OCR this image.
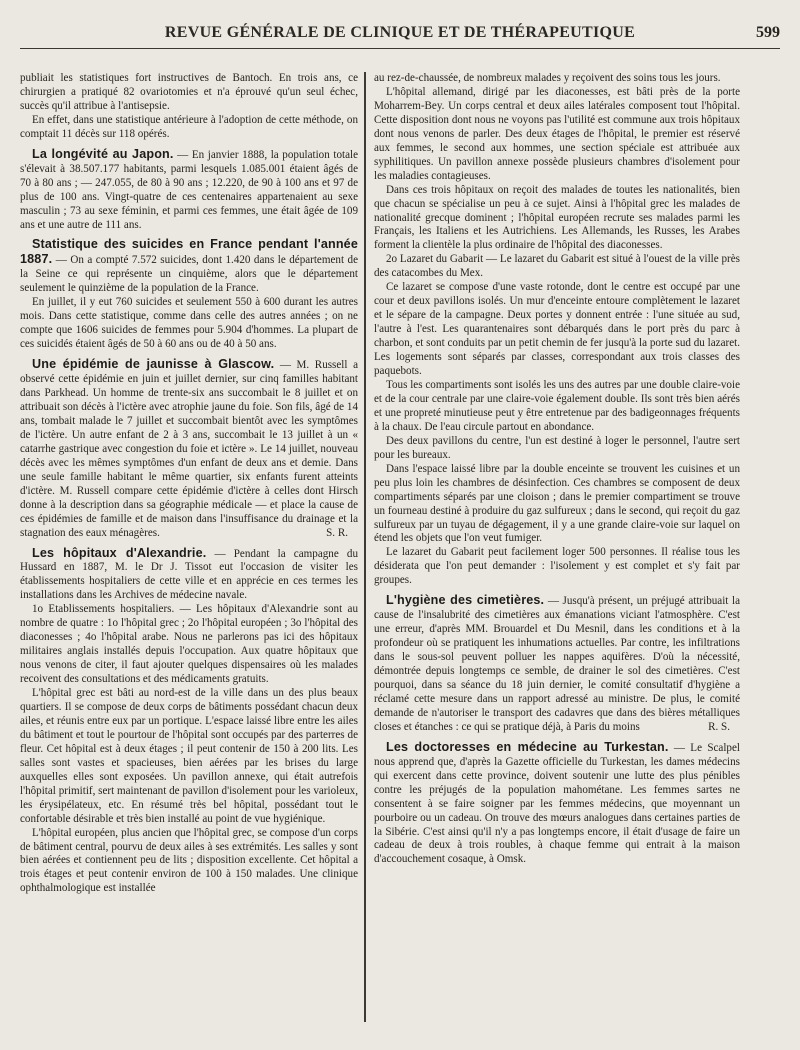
REVUE GÉNÉRALE DE CLINIQUE ET DE THÉRAPEUTIQUE	599

publiait les statistiques fort instructives de Bantoch. En trois ans, ce chirurgien a pratiqué 82 ovariotomies et n'a éprouvé qu'un seul échec, succès qu'il attribue à l'antisepsie.

En effet, dans une statistique antérieure à l'adoption de cette méthode, on comptait 11 décès sur 118 opérés.

La longévité au Japon. — En janvier 1888, la population totale s'élevait à 38.507.177 habitants, parmi lesquels 1.085.001 étaient âgés de 70 à 80 ans ; — 247.055, de 80 à 90 ans ; 12.220, de 90 à 100 ans et 97 de plus de 100 ans. Vingt-quatre de ces centenaires appartenaient au sexe masculin ; 73 au sexe féminin, et parmi ces femmes, une était âgée de 109 ans et une autre de 111 ans.

Statistique des suicides en France pendant l'année 1887. — On a compté 7.572 suicides, dont 1.420 dans le département de la Seine ce qui représente un cinquième, alors que le département seulement le quinzième de la population de la France.

En juillet, il y eut 760 suicides et seulement 550 à 600 durant les autres mois. Dans cette statistique, comme dans celle des autres années ; on ne compte que 1606 suicides de femmes pour 5.904 d'hommes. La plupart de ces suicidés étaient âgés de 50 à 60 ans ou de 40 à 50 ans.

Une épidémie de jaunisse à Glascow. — M. Russell a observé cette épidémie en juin et juillet dernier, sur cinq familles habitant dans Parkhead. Un homme de trente-six ans succombait le 8 juillet et on attribuait son décès à l'ictère avec atrophie jaune du foie. Son fils, âgé de 14 ans, tombait malade le 7 juillet et succombait bientôt avec les symptômes de l'ictère. Un autre enfant de 2 à 3 ans, succombait le 13 juillet à un « catarrhe gastrique avec congestion du foie et ictère ». Le 14 juillet, nouveau décès avec les mêmes symptômes d'un enfant de deux ans et demie. Dans une seule famille habitant le même quartier, six enfants furent atteints d'ictère. M. Russell compare cette épidémie d'ictère à celles dont Hirsch donne à la description dans sa géographie médicale — et place la cause de ces épidémies de famille et de maison dans l'insuffisance du drainage et la stagnation des eaux ménagères.	S. R.

Les hôpitaux d'Alexandrie. — Pendant la campagne du Hussard en 1887, M. le Dr J. Tissot eut l'occasion de visiter les établissements hospitaliers de cette ville et en apprécie en ces termes les installations dans les Archives de médecine navale.

1o Etablissements hospitaliers. — Les hôpitaux d'Alexandrie sont au nombre de quatre : 1o l'hôpital grec ; 2o l'hôpital européen ; 3o l'hôpital des diaconesses ; 4o l'hôpital arabe. Nous ne parlerons pas ici des hôpitaux militaires anglais installés depuis l'occupation. Aux quatre hôpitaux que nous venons de citer, il faut ajouter quelques dispensaires où les malades recoivent des consultations et des médicaments gratuits.

L'hôpital grec est bâti au nord-est de la ville dans un des plus beaux quartiers. Il se compose de deux corps de bâtiments possédant chacun deux ailes, et réunis entre eux par un portique. L'espace laissé libre entre les ailes du bâtiment et tout le pourtour de l'hôpital sont occupés par des parterres de fleur. Cet hôpital est à deux étages ; il peut contenir de 150 à 200 lits. Les salles sont vastes et spacieuses, bien aérées par les brises du large auxquelles elles sont exposées. Un pavillon annexe, qui était autrefois l'hôpital primitif, sert maintenant de pavillon d'isolement pour les varioleux, les érysipélateux, etc. En résumé très bel hôpital, possédant tout le confortable désirable et très bien installé au point de vue hygiénique.

L'hôpital européen, plus ancien que l'hôpital grec, se compose d'un corps de bâtiment central, pourvu de deux ailes à ses extrémités. Les salles y sont bien aérées et contiennent peu de lits ; disposition excellente. Cet hôpital a trois étages et peut contenir environ de 100 à 150 malades. Une clinique ophthalmologique est installée

au rez-de-chaussée, de nombreux malades y reçoivent des soins tous les jours.

L'hôpital allemand, dirigé par les diaconesses, est bâti près de la porte Moharrem-Bey. Un corps central et deux ailes latérales composent tout l'hôpital. Cette disposition dont nous ne voyons pas l'utilité est commune aux trois hôpitaux dont nous venons de parler. Des deux étages de l'hôpital, le premier est réservé aux femmes, le second aux hommes, une section spéciale est attribuée aux syphilitiques. Un pavillon annexe possède plusieurs chambres d'isolement pour les maladies contagieuses.

Dans ces trois hôpitaux on reçoit des malades de toutes les nationalités, bien que chacun se spécialise un peu à ce sujet. Ainsi à l'hôpital grec les malades de nationalité grecque dominent ; l'hôpital européen recrute ses malades parmi les Français, les Italiens et les Autrichiens. Les Allemands, les Russes, les Arabes forment la clientèle la plus ordinaire de l'hôpital des diaconesses.

2o Lazaret du Gabarit — Le lazaret du Gabarit est situé à l'ouest de la ville près des catacombes du Mex.

Ce lazaret se compose d'une vaste rotonde, dont le centre est occupé par une cour et deux pavillons isolés. Un mur d'enceinte entoure complètement le lazaret et le sépare de la campagne. Deux portes y donnent entrée : l'une située au sud, l'autre à l'est. Les quarantenaires sont débarqués dans le port près du parc à charbon, et sont conduits par un petit chemin de fer jusqu'à la porte sud du lazaret. Les logements sont séparés par classes, correspondant aux trois classes des paquebots.

Tous les compartiments sont isolés les uns des autres par une double claire-voie et de la cour centrale par une claire-voie également double. Ils sont très bien aérés et une propreté minutieuse peut y être entretenue par des badigeonnages fréquents à la chaux. De l'eau circule partout en abondance.

Des deux pavillons du centre, l'un est destiné à loger le personnel, l'autre sert pour les bureaux.

Dans l'espace laissé libre par la double enceinte se trouvent les cuisines et un peu plus loin les chambres de désinfection. Ces chambres se composent de deux compartiments séparés par une cloison ; dans le premier compartiment se trouve un fourneau destiné à produire du gaz sulfureux ; dans le second, qui reçoit du gaz sulfureux par un tuyau de dégagement, il y a une grande claire-voie sur laquel on étend les objets que l'on veut fumiger.

Le lazaret du Gabarit peut facilement loger 500 personnes. Il réalise tous les désiderata que l'on peut demander : l'isolement y est complet et s'y fait par groupes.

L'hygiène des cimetières. — Jusqu'à présent, un préjugé attribuait la cause de l'insalubrité des cimetières aux émanations viciant l'atmosphère. C'est une erreur, d'après MM. Brouardel et Du Mesnil, dans les conditions et à la profondeur où se pratiquent les inhumations actuelles. Par contre, les infiltrations dans le sous-sol peuvent polluer les nappes aquifères. D'où la nécessité, démontrée depuis longtemps ce semble, de drainer le sol des cimetières. C'est pourquoi, dans sa séance du 18 juin dernier, le comité consultatif d'hygiène a réclamé cette mesure dans un rapport adressé au ministre. De plus, le comité demande de n'autoriser le transport des cadavres que dans des bières métalliques closes et étanches : ce qui se pratique déjà, à Paris du moins	R. S.

Les doctoresses en médecine au Turkestan. — Le Scalpel nous apprend que, d'après la Gazette officielle du Turkestan, les dames médecins qui exercent dans cette province, doivent soutenir une lutte des plus pénibles contre les préjugés de la population mahométane. Les femmes sartes ne consentent à se faire soigner par les femmes médecins, que moyennant un pourboire ou un cadeau. On trouve des mœurs analogues dans certaines parties de la Sibérie. C'est ainsi qu'il n'y a pas longtemps encore, il était d'usage de faire un cadeau de deux à trois roubles, à chaque femme qui entrait à la maison d'accouchement cosaque, à Omsk.
